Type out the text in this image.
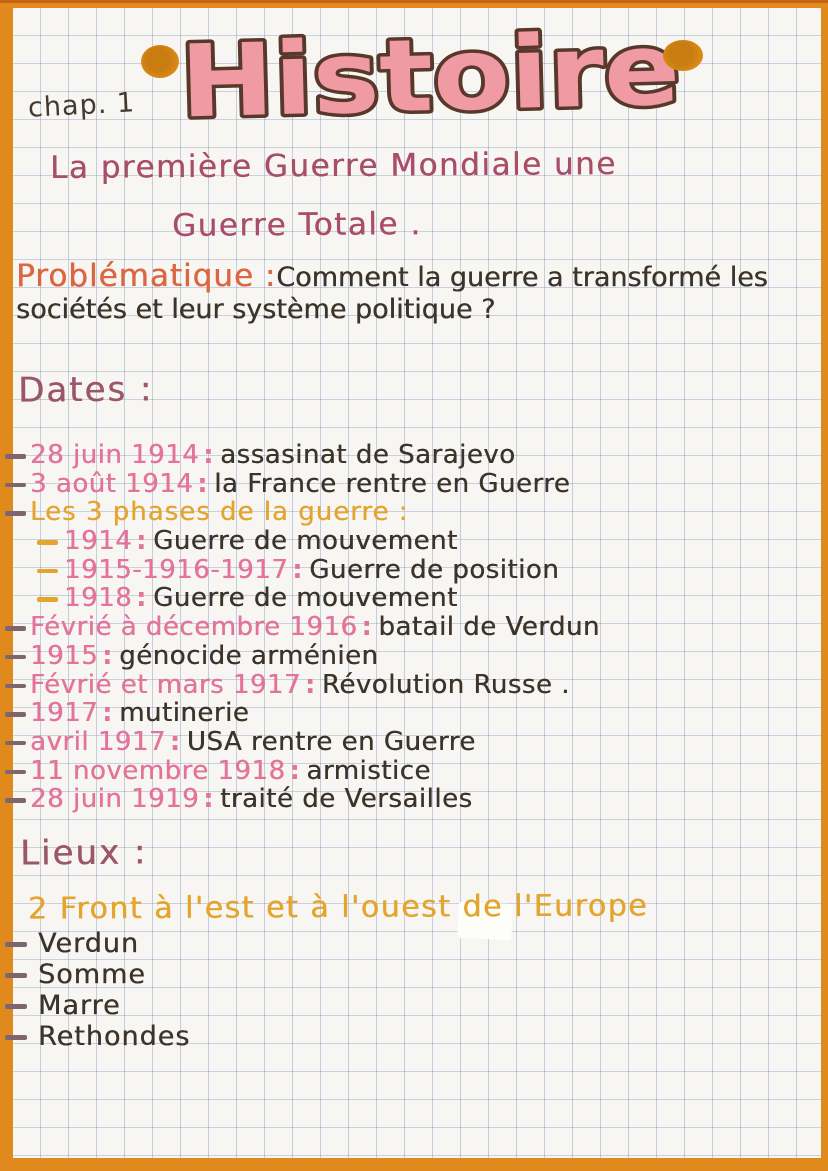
chap. 1 Histoire
La première Guerre Mondiale une
Guerre Totale .
Problématique :Comment la guerre a transformé les sociétés et leur système politique ?
Dates :
28 juin 1914 : assasinat de Sarajevo
3 août 1914 : la France rentre en Guerre
Les 3 phases de la guerre :
1914 : Guerre de mouvement
1915-1916-1917 : Guerre de position
1918 : Guerre de mouvement
Févrié à décembre 1916 : batail de Verdun
1915 : génocide arménien
Févrié et mars 1917 : Révolution Russe .
1917 : mutinerie
avril 1917 : USA rentre en Guerre
11 novembre 1918 : armistice
28 juin 1919 : traité de Versailles
Lieux :
2 Front à l'est et à l'ouest de l'Europe
Verdun
Somme
Marre
Rethondes
